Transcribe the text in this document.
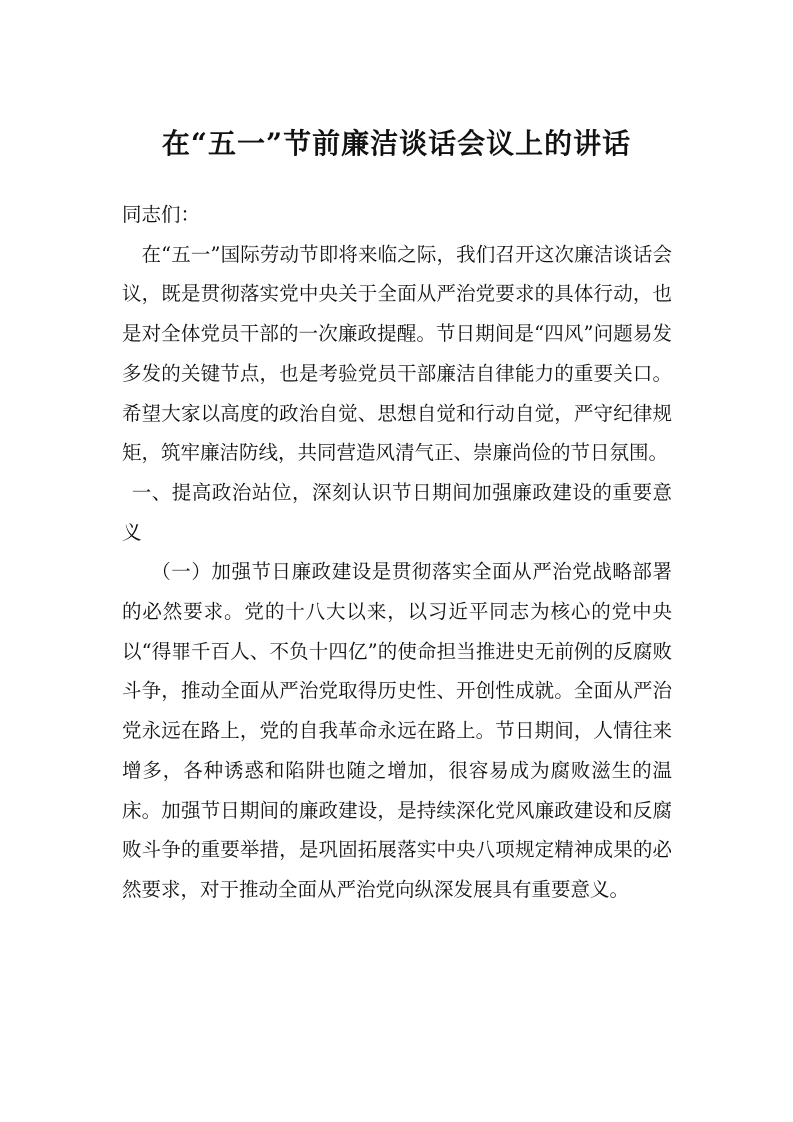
在“五一”节前廉洁谈话会议上的讲话

同志们：

在“五一”国际劳动节即将来临之际，我们召开这次廉洁谈话会议，既是贯彻落实党中央关于全面从严治党要求的具体行动，也是对全体党员干部的一次廉政提醒。节日期间是“四风”问题易发多发的关键节点，也是考验党员干部廉洁自律能力的重要关口。希望大家以高度的政治自觉、思想自觉和行动自觉，严守纪律规矩，筑牢廉洁防线，共同营造风清气正、崇廉尚俭的节日氛围。

一、提高政治站位，深刻认识节日期间加强廉政建设的重要意义

（一）加强节日廉政建设是贯彻落实全面从严治党战略部署的必然要求。党的十八大以来，以习近平同志为核心的党中央以“得罪千百人、不负十四亿”的使命担当推进史无前例的反腐败斗争，推动全面从严治党取得历史性、开创性成就。全面从严治党永远在路上，党的自我革命永远在路上。节日期间，人情往来增多，各种诱惑和陷阱也随之增加，很容易成为腐败滋生的温床。加强节日期间的廉政建设，是持续深化党风廉政建设和反腐败斗争的重要举措，是巩固拓展落实中央八项规定精神成果的必然要求，对于推动全面从严治党向纵深发展具有重要意义。
